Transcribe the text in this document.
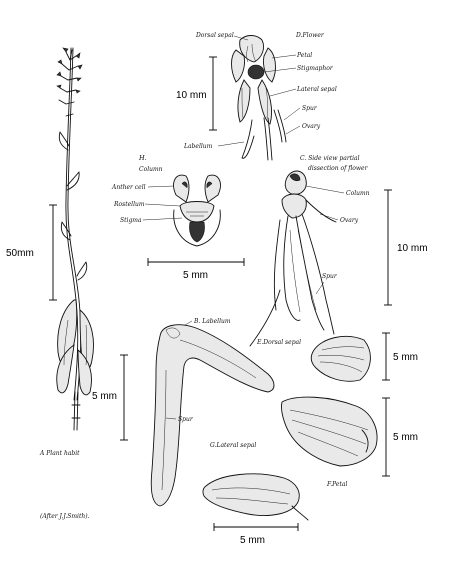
A Plant habit
(After J.J.Smith).
50mm
Dorsal sepal	D.Flower
Petal
Stigmaphor
Lateral sepal
Spur
Ovary
Labellum
10 mm
H.
Column
Anther cell
Rostellum
Stigma
5 mm
C. Side view partial
dissection of flower
Column
Ovary
Spur
10 mm
B. Labellum
Spur
5 mm
E.Dorsal sepal
5 mm
F.Petal
5 mm
G.Lateral sepal
5 mm
